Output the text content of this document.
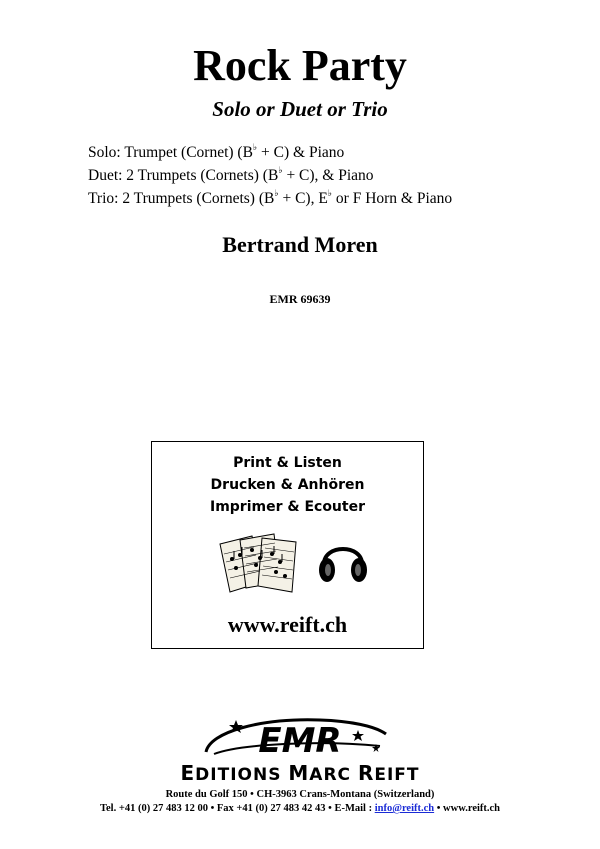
Rock Party
Solo or Duet or Trio
Solo: Trumpet (Cornet) (B♭ + C) & Piano
Duet: 2 Trumpets (Cornets) (B♭ + C), & Piano
Trio: 2 Trumpets (Cornets) (B♭ + C), E♭ or F Horn & Piano
Bertrand Moren
EMR 69639
Print & Listen
Drucken & Anhören
Imprimer & Ecouter
www.reift.ch
EMR
EDITIONS MARC REIFT
Route du Golf 150 • CH-3963 Crans-Montana (Switzerland)
Tel. +41 (0) 27 483 12 00 • Fax +41 (0) 27 483 42 43 • E-Mail : info@reift.ch • www.reift.ch
